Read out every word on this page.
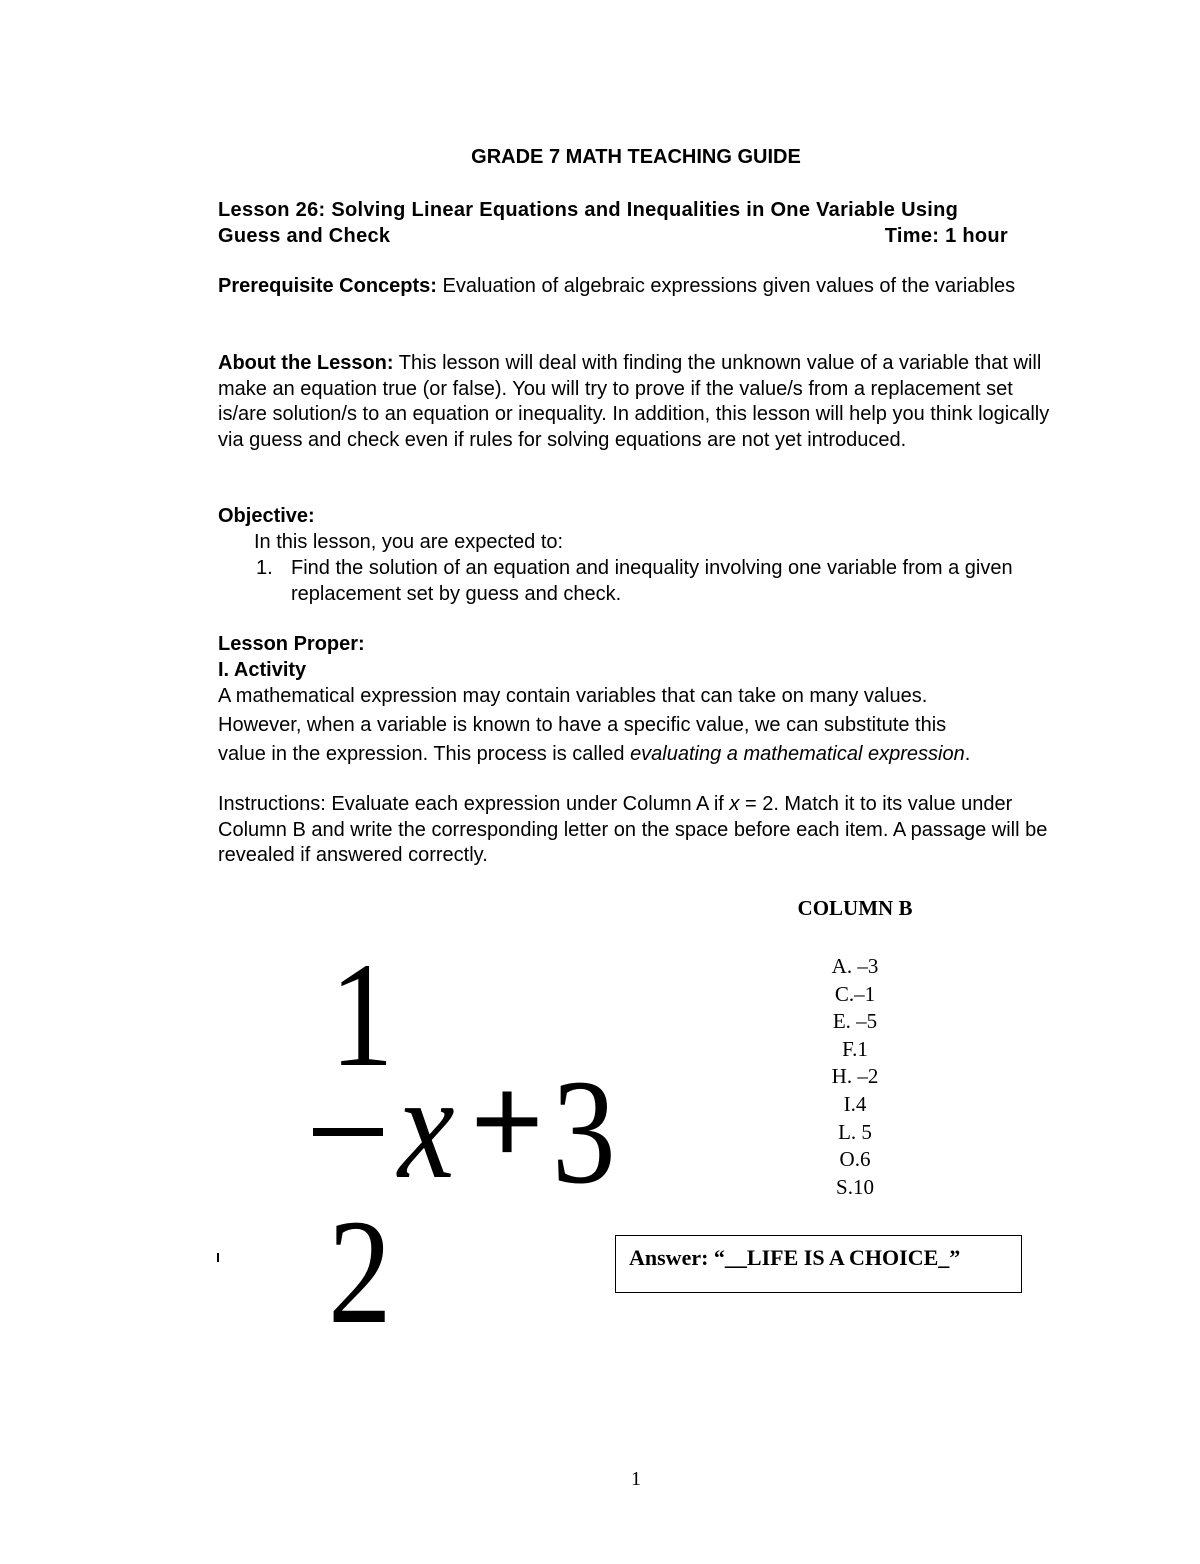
GRADE 7 MATH TEACHING GUIDE
Lesson 26: Solving Linear Equations and Inequalities in One Variable Using
Guess and Check	Time: 1 hour
Prerequisite Concepts: Evaluation of algebraic expressions given values of the variables
About the Lesson: This lesson will deal with finding the unknown value of a variable that will make an equation true (or false). You will try to prove if the value/s from a replacement set is/are solution/s to an equation or inequality. In addition, this lesson will help you think logically via guess and check even if rules for solving equations are not yet introduced.
Objective:
In this lesson, you are expected to:
1. Find the solution of an equation and inequality involving one variable from a given replacement set by guess and check.
Lesson Proper:
I. Activity
A mathematical expression may contain variables that can take on many values.
However, when a variable is known to have a specific value, we can substitute this
value in the expression. This process is called evaluating a mathematical expression.
Instructions: Evaluate each expression under Column A if x = 2. Match it to its value under Column B and write the corresponding letter on the space before each item. A passage will be revealed if answered correctly.
1
2
x + 3
COLUMN B
A. –3
C.–1
E. –5
F.1
H. –2
I.4
L. 5
O.6
S.10
Answer: “__LIFE IS A CHOICE_”
1
